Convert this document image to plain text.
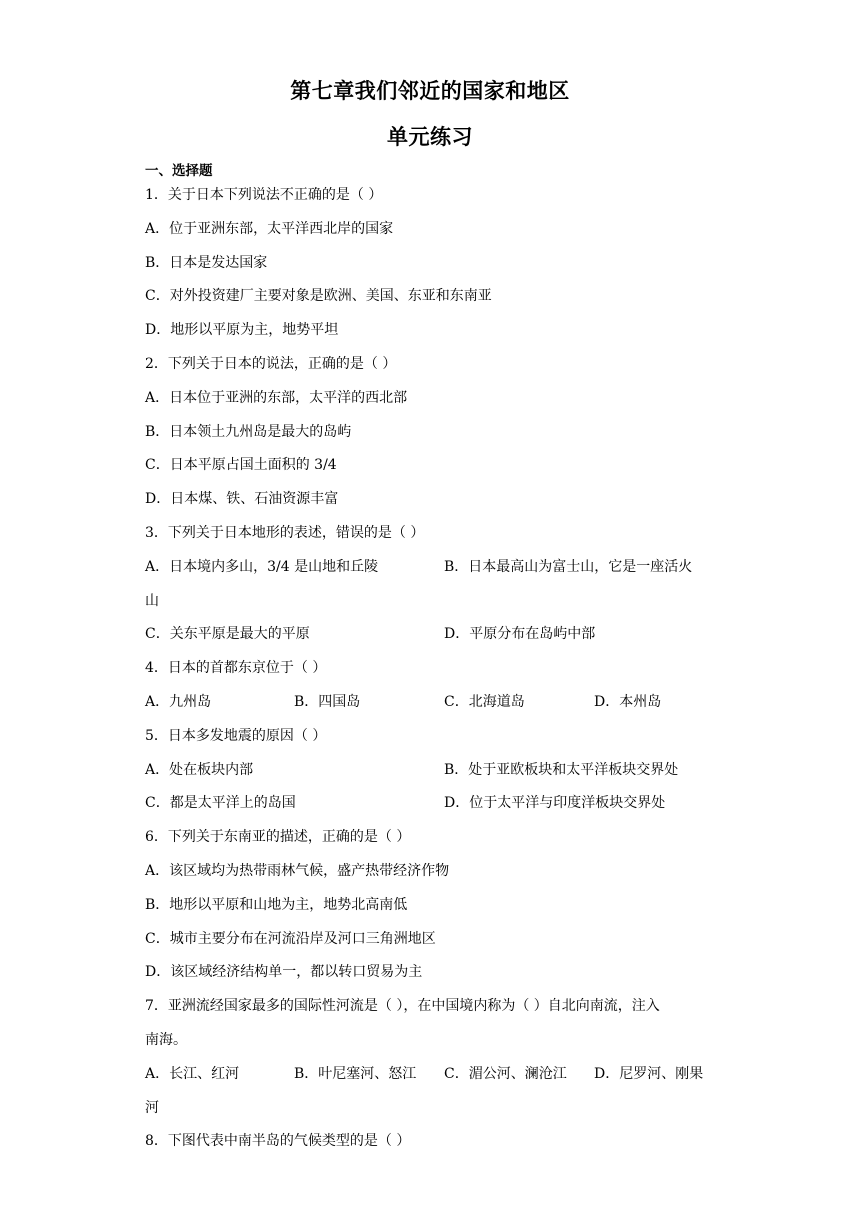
第七章我们邻近的国家和地区
单元练习
一、选择题
1．关于日本下列说法不正确的是（ ）
A．位于亚洲东部，太平洋西北岸的国家
B．日本是发达国家
C．对外投资建厂主要对象是欧洲、美国、东亚和东南亚
D．地形以平原为主，地势平坦
2．下列关于日本的说法，正确的是（ ）
A．日本位于亚洲的东部，太平洋的西北部
B．日本领土九州岛是最大的岛屿
C．日本平原占国土面积的 3/4
D．日本煤、铁、石油资源丰富
3．下列关于日本地形的表述，错误的是（ ）
A．日本境内多山，3/4 是山地和丘陵	B．日本最高山为富士山，它是一座活火
山
C．关东平原是最大的平原	D．平原分布在岛屿中部
4．日本的首都东京位于（ ）
A．九州岛	B．四国岛	C．北海道岛	D．本州岛
5．日本多发地震的原因（ ）
A．处在板块内部	B．处于亚欧板块和太平洋板块交界处
C．都是太平洋上的岛国	D．位于太平洋与印度洋板块交界处
6．下列关于东南亚的描述，正确的是（ ）
A．该区域均为热带雨林气候，盛产热带经济作物
B．地形以平原和山地为主，地势北高南低
C．城市主要分布在河流沿岸及河口三角洲地区
D．该区域经济结构单一，都以转口贸易为主
7．亚洲流经国家最多的国际性河流是（ ），在中国境内称为（ ）自北向南流，注入
南海。
A．长江、红河	B．叶尼塞河、怒江 C．湄公河、澜沧江 D．尼罗河、刚果
河
8．下图代表中南半岛的气候类型的是（ ）
